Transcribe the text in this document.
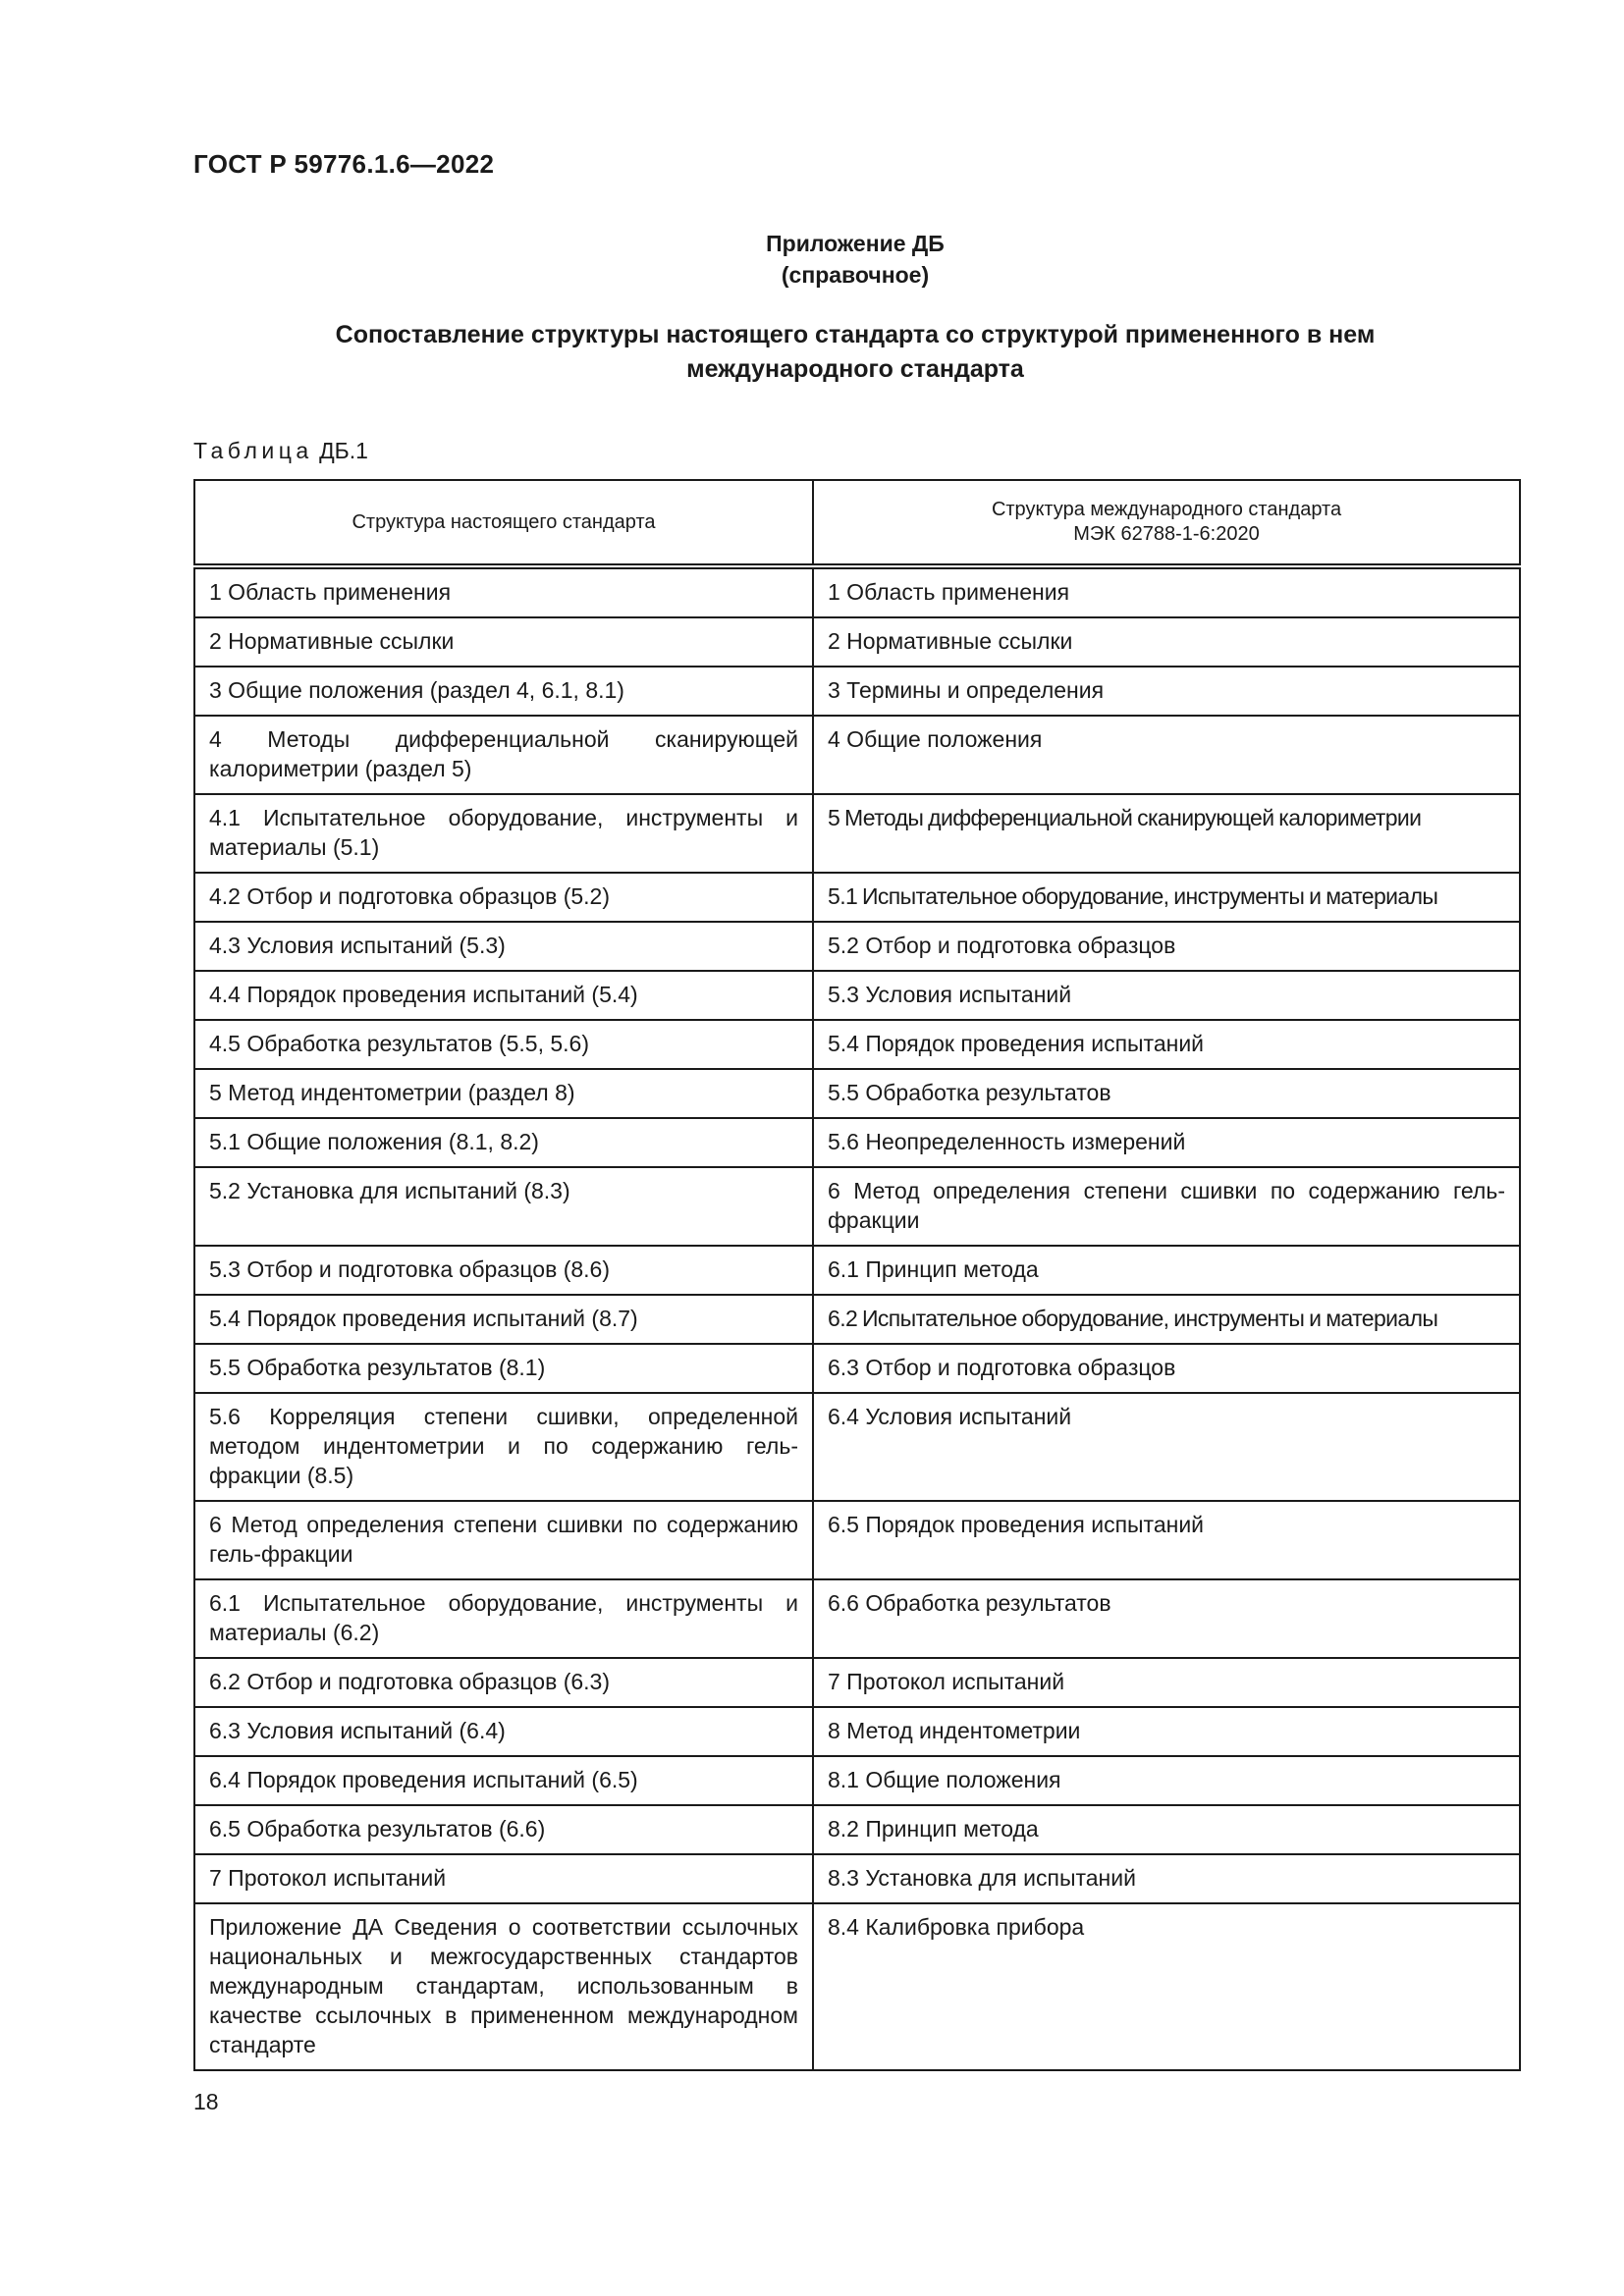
ГОСТ Р 59776.1.6—2022
Приложение ДБ
(справочное)
Сопоставление структуры настоящего стандарта со структурой примененного в нем
международного стандарта
Таблица ДБ.1
Структура настоящего стандарта	Структура международного стандарта
МЭК 62788-1-6:2020

1 Область применения	1 Область применения
2 Нормативные ссылки	2 Нормативные ссылки
3 Общие положения (раздел 4, 6.1, 8.1)	3 Термины и определения
4 Методы дифференциальной сканирующей калориметрии (раздел 5)	4 Общие положения
4.1 Испытательное оборудование, инструменты и материалы (5.1)	5 Методы дифференциальной сканирующей калориметрии
4.2 Отбор и подготовка образцов (5.2)	5.1 Испытательное оборудование, инструменты и материалы
4.3 Условия испытаний (5.3)	5.2 Отбор и подготовка образцов
4.4 Порядок проведения испытаний (5.4)	5.3 Условия испытаний
4.5 Обработка результатов (5.5, 5.6)	5.4 Порядок проведения испытаний
5 Метод индентометрии (раздел 8)	5.5 Обработка результатов
5.1 Общие положения (8.1, 8.2)	5.6 Неопределенность измерений
5.2 Установка для испытаний (8.3)	6 Метод определения степени сшивки по содержанию гель-фракции
5.3 Отбор и подготовка образцов (8.6)	6.1 Принцип метода
5.4 Порядок проведения испытаний (8.7)	6.2 Испытательное оборудование, инструменты и материалы
5.5 Обработка результатов (8.1)	6.3 Отбор и подготовка образцов
5.6 Корреляция степени сшивки, определенной методом индентометрии и по содержанию гель-фракции (8.5)	6.4 Условия испытаний
6 Метод определения степени сшивки по содержанию гель-фракции	6.5 Порядок проведения испытаний
6.1 Испытательное оборудование, инструменты и материалы (6.2)	6.6 Обработка результатов
6.2 Отбор и подготовка образцов (6.3)	7 Протокол испытаний
6.3 Условия испытаний (6.4)	8 Метод индентометрии
6.4 Порядок проведения испытаний (6.5)	8.1 Общие положения
6.5 Обработка результатов (6.6)	8.2 Принцип метода
7 Протокол испытаний	8.3 Установка для испытаний
Приложение ДА Сведения о соответствии ссылочных национальных и межгосударственных стандартов международным стандартам, использованным в качестве ссылочных в примененном международном стандарте	8.4 Калибровка прибора
18
